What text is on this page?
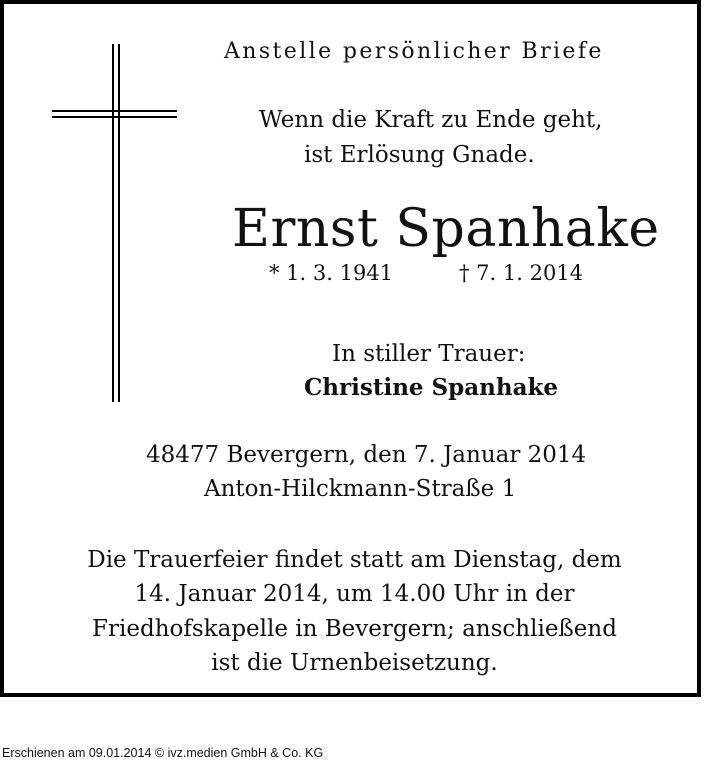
Anstelle persönlicher Briefe
Wenn die Kraft zu Ende geht,
ist Erlösung Gnade.
Ernst Spanhake
* 1. 3. 1941	† 7. 1. 2014
In stiller Trauer:
Christine Spanhake
48477 Bevergern, den 7. Januar 2014
Anton-Hilckmann-Straße 1
Die Trauerfeier findet statt am Dienstag, dem
14. Januar 2014, um 14.00 Uhr in der
Friedhofskapelle in Bevergern; anschließend
ist die Urnenbeisetzung.
Erschienen am 09.01.2014 © ivz.medien GmbH & Co. KG
